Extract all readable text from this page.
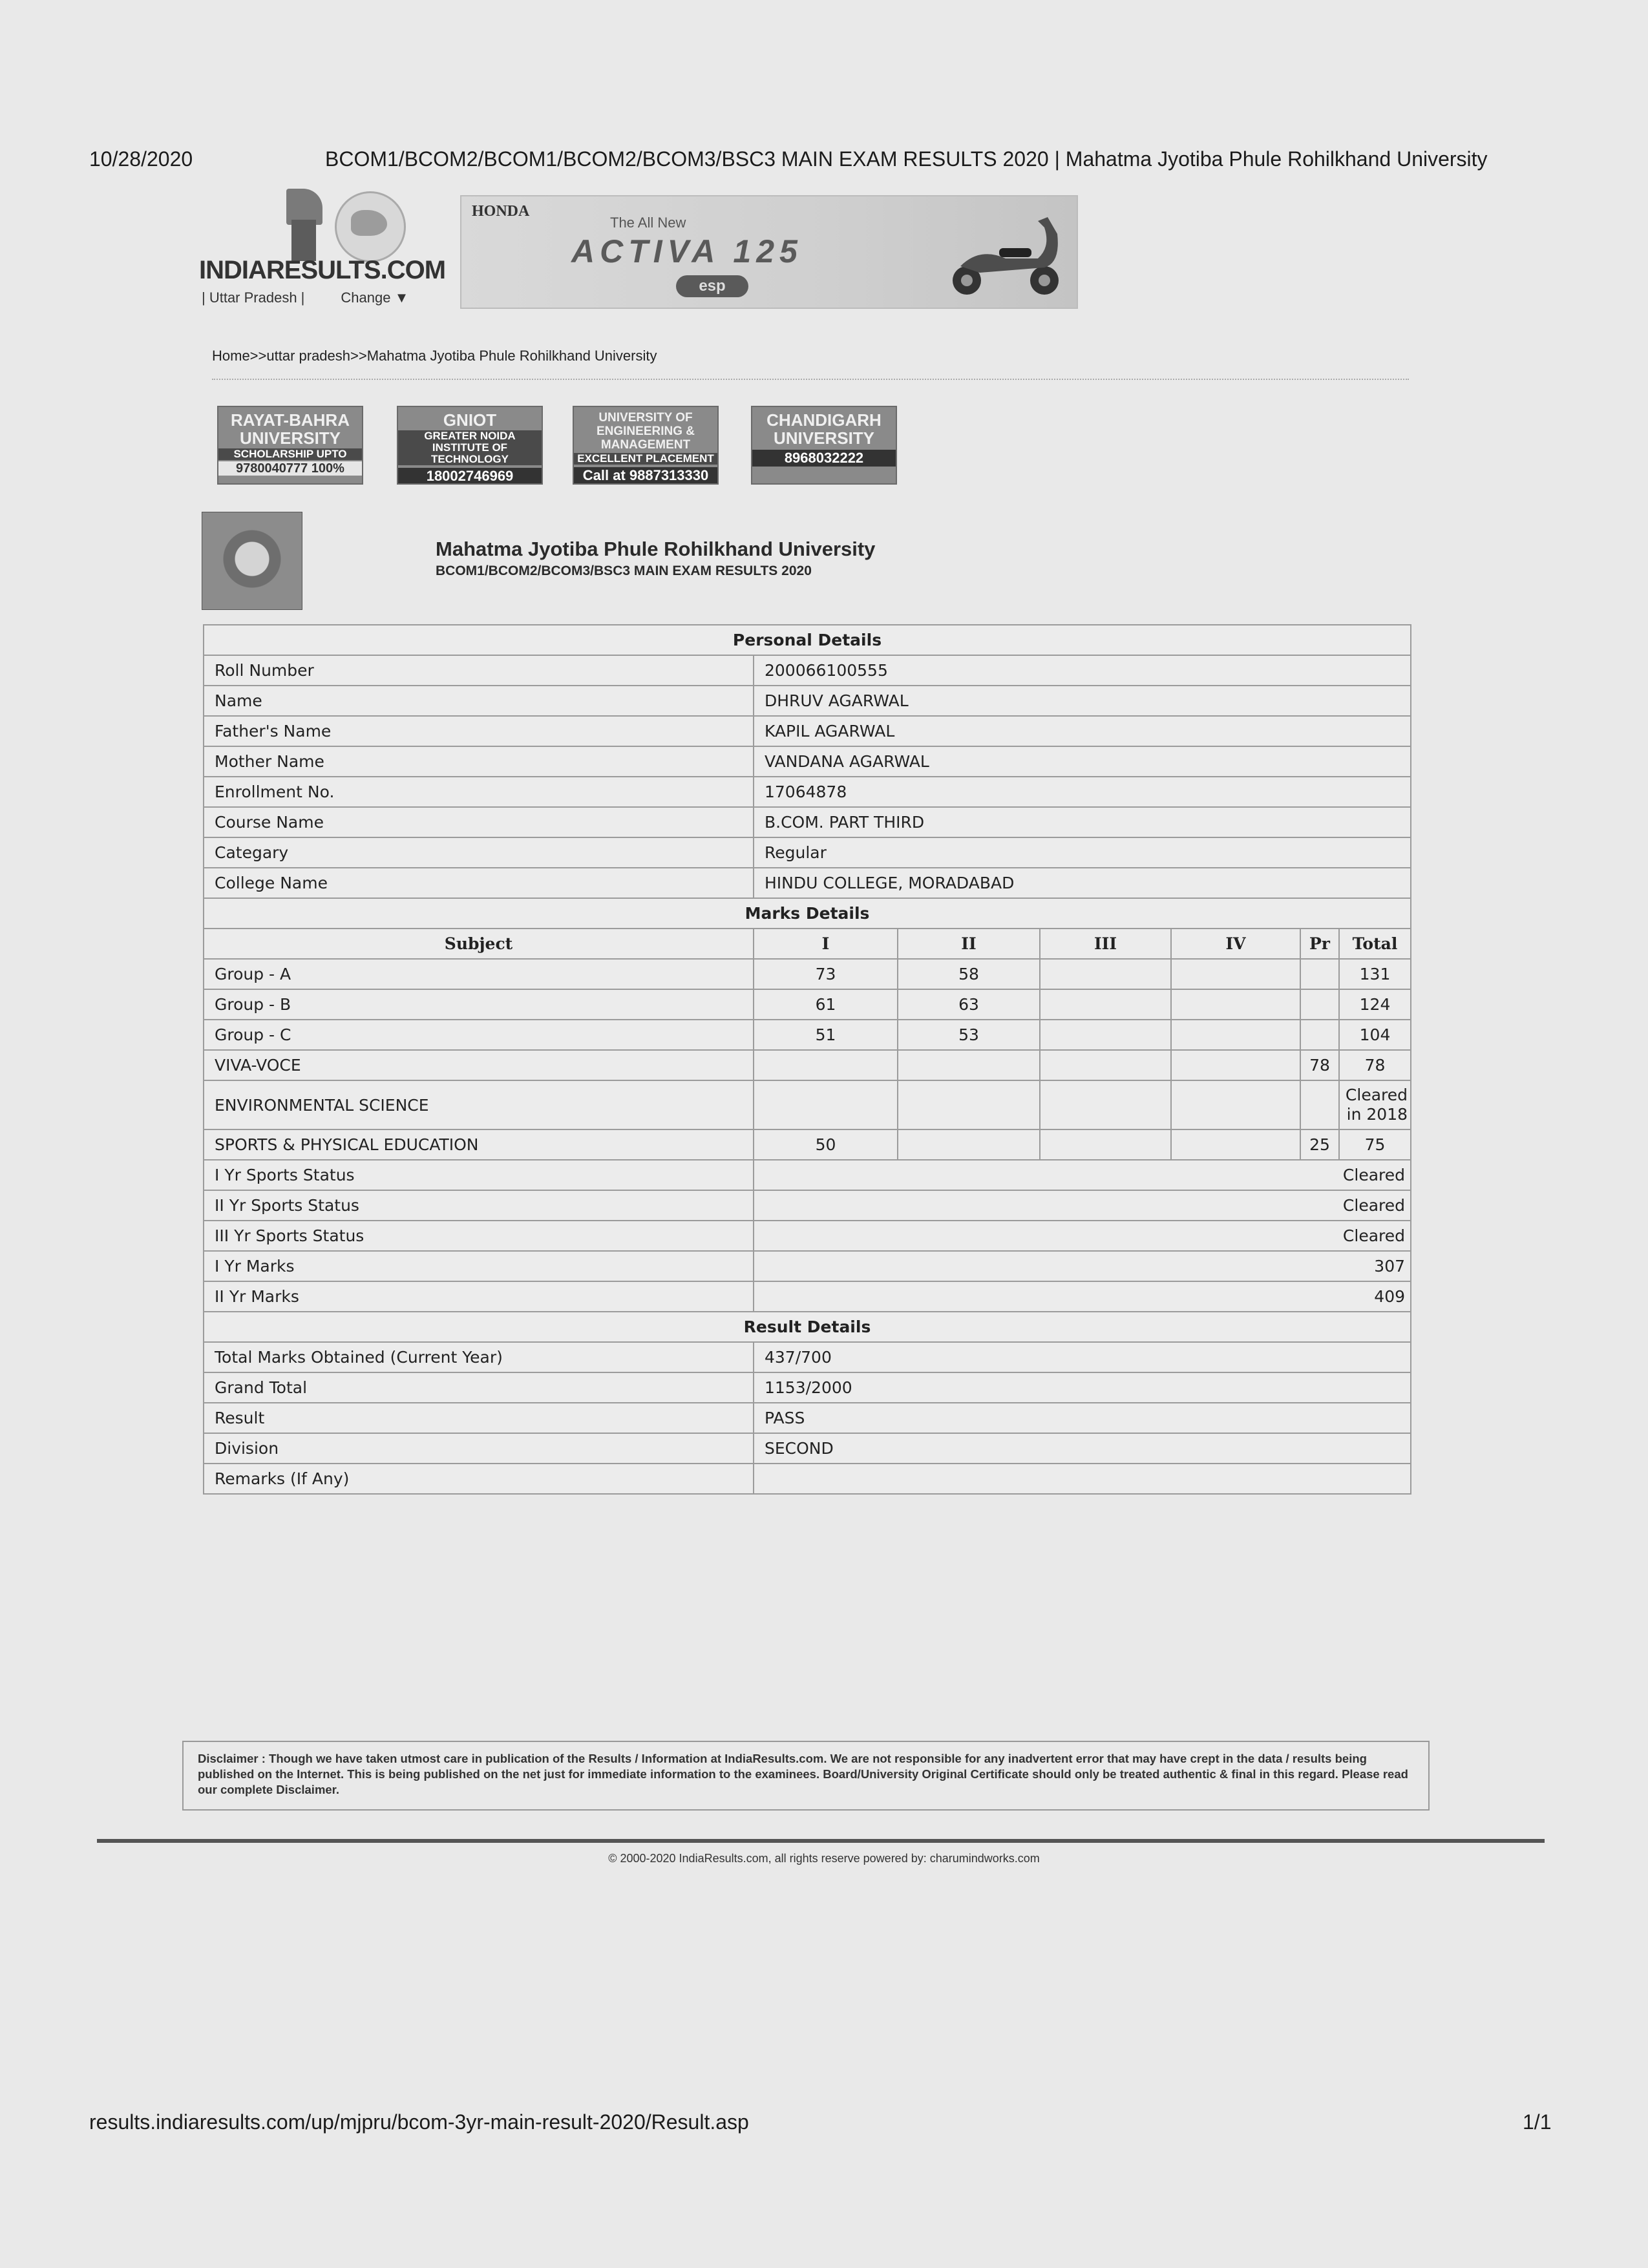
10/28/2020	BCOM1/BCOM2/BCOM1/BCOM2/BCOM3/BSC3 MAIN EXAM RESULTS 2020 | Mahatma Jyotiba Phule Rohilkhand University
INDIARESULTS.COM
| Uttar Pradesh |	Change ▼
HONDA
The All New
ACTIVA 125
esp
Home>>uttar pradesh>>Mahatma Jyotiba Phule Rohilkhand University
RAYAT-BAHRA UNIVERSITY
SCHOLARSHIP UPTO
9780040777 100%
GNIOT
GREATER NOIDA INSTITUTE OF TECHNOLOGY
18002746969
UNIVERSITY OF ENGINEERING & MANAGEMENT
EXCELLENT PLACEMENT
Call at 9887313330
CHANDIGARH UNIVERSITY
8968032222
Mahatma Jyotiba Phule Rohilkhand University
BCOM1/BCOM2/BCOM3/BSC3 MAIN EXAM RESULTS 2020
Personal Details						
Roll Number	200066100555					
Name	DHRUV AGARWAL					
Father's Name	KAPIL AGARWAL					
Mother Name	VANDANA AGARWAL					
Enrollment No.	17064878					
Course Name	B.COM. PART THIRD					
Categary	Regular					
College Name	HINDU COLLEGE, MORADABAD					
Marks Details						
Subject	I	II	III	IV	Pr	Total
Group - A	73	58				131
Group - B	61	63				124
Group - C	51	53				104
VIVA-VOCE					78	78
ENVIRONMENTAL SCIENCE						Cleared in 2018
SPORTS & PHYSICAL EDUCATION	50				25	75
I Yr Sports Status	Cleared					
II Yr Sports Status	Cleared					
III Yr Sports Status	Cleared					
I Yr Marks	307					
II Yr Marks	409					
Result Details						
Total Marks Obtained (Current Year)	437/700					
Grand Total	1153/2000					
Result	PASS					
Division	SECOND					
Remarks (If Any)						
Disclaimer : Though we have taken utmost care in publication of the Results / Information at IndiaResults.com. We are not responsible for any inadvertent error that may have crept in the data / results being published on the Internet. This is being published on the net just for immediate information to the examinees. Board/University Original Certificate should only be treated authentic & final in this regard. Please read our complete Disclaimer.
© 2000-2020 IndiaResults.com, all rights reserve powered by: charumindworks.com
results.indiaresults.com/up/mjpru/bcom-3yr-main-result-2020/Result.asp	1/1
